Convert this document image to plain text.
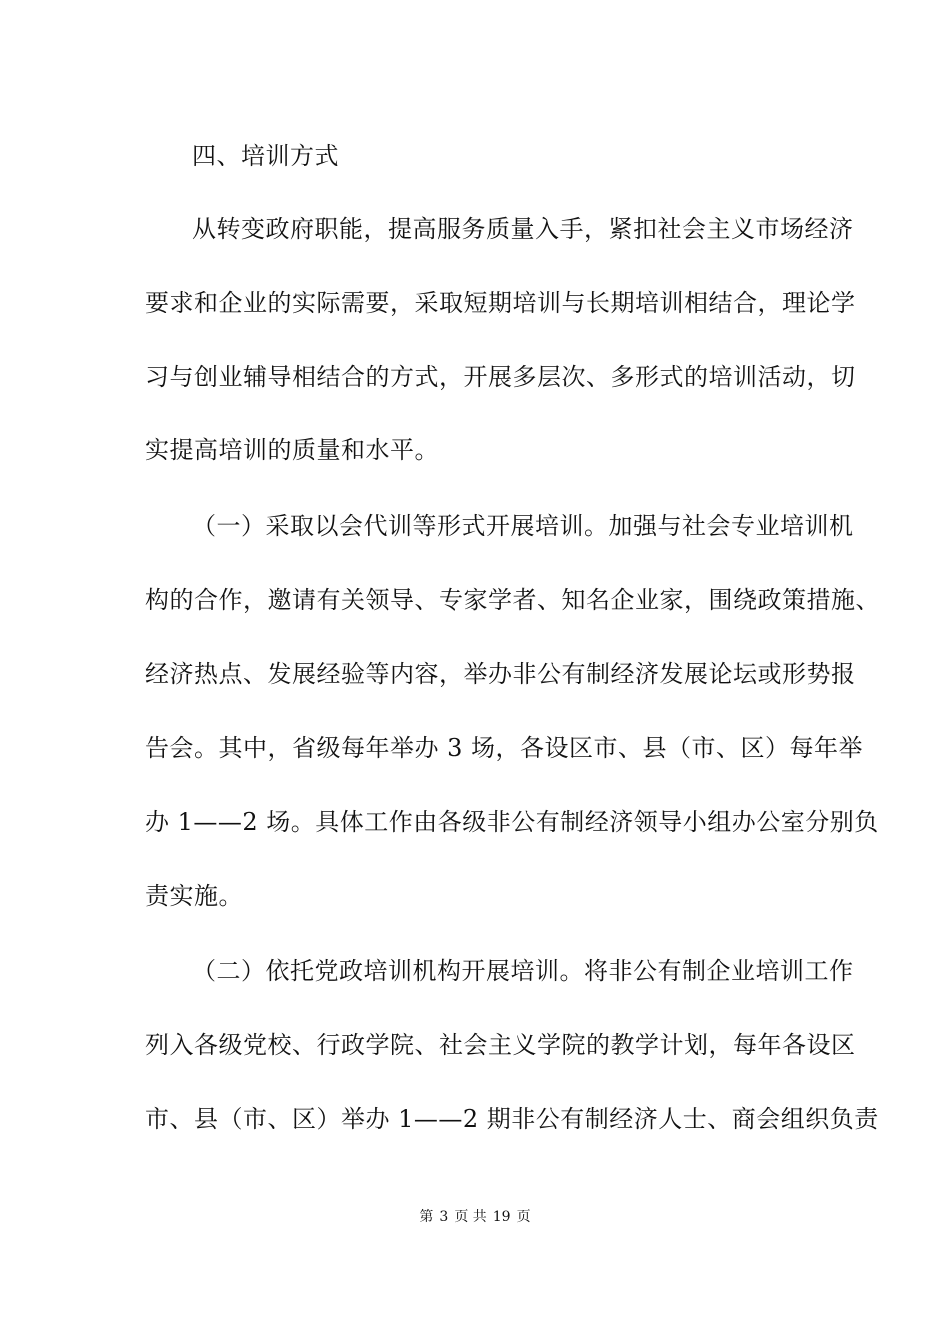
四、培训方式
从转变政府职能，提高服务质量入手，紧扣社会主义市场经济
要求和企业的实际需要，采取短期培训与长期培训相结合，理论学
习与创业辅导相结合的方式，开展多层次、多形式的培训活动，切
实提高培训的质量和水平。
（一）采取以会代训等形式开展培训。加强与社会专业培训机
构的合作，邀请有关领导、专家学者、知名企业家，围绕政策措施、
经济热点、发展经验等内容，举办非公有制经济发展论坛或形势报
告会。其中，省级每年举办 3 场，各设区市、县（市、区）每年举
办 1——2 场。具体工作由各级非公有制经济领导小组办公室分别负
责实施。
（二）依托党政培训机构开展培训。将非公有制企业培训工作
列入各级党校、行政学院、社会主义学院的教学计划，每年各设区
市、县（市、区）举办 1——2 期非公有制经济人士、商会组织负责
第 3 页 共 19 页
